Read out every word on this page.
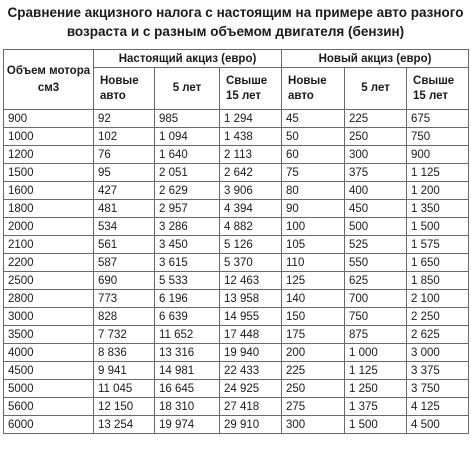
Сравнение акцизного налога с настоящим на примере авто разного возраста и с разным объемом двигателя (бензин)
Объем мотора см3	Настоящий акциз (евро)			Новый акциз (евро)		
	Новые авто	5 лет	Свыше 15 лет	Новые авто	5 лет	Свыше 15 лет
900	92	985	1 294	45	225	675
1000	102	1 094	1 438	50	250	750
1200	76	1 640	2 113	60	300	900
1500	95	2 051	2 642	75	375	1 125
1600	427	2 629	3 906	80	400	1 200
1800	481	2 957	4 394	90	450	1 350
2000	534	3 286	4 882	100	500	1 500
2100	561	3 450	5 126	105	525	1 575
2200	587	3 615	5 370	110	550	1 650
2500	690	5 533	12 463	125	625	1 850
2800	773	6 196	13 958	140	700	2 100
3000	828	6 639	14 955	150	750	2 250
3500	7 732	11 652	17 448	175	875	2 625
4000	8 836	13 316	19 940	200	1 000	3 000
4500	9 941	14 981	22 433	225	1 125	3 375
5000	11 045	16 645	24 925	250	1 250	3 750
5600	12 150	18 310	27 418	275	1 375	4 125
6000	13 254	19 974	29 910	300	1 500	4 500
